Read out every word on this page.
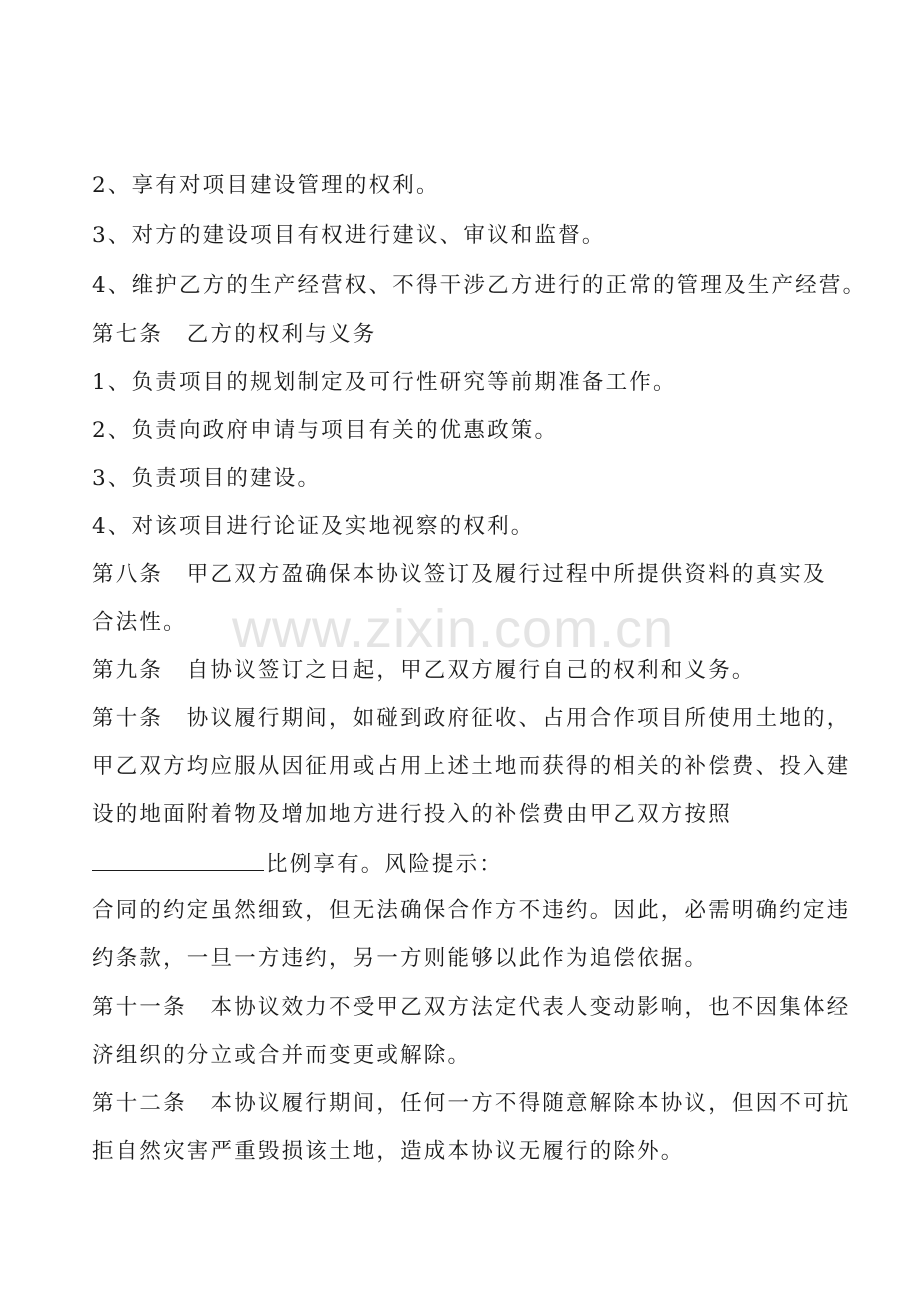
2、享有对项目建设管理的权利。
3、对方的建设项目有权进行建议、审议和监督。
4、维护乙方的生产经营权、不得干涉乙方进行的正常的管理及生产经营。
第七条　乙方的权利与义务
1、负责项目的规划制定及可行性研究等前期准备工作。
2、负责向政府申请与项目有关的优惠政策。
3、负责项目的建设。
4、对该项目进行论证及实地视察的权利。
第八条　甲乙双方盈确保本协议签订及履行过程中所提供资料的真实及
合法性。
第九条　自协议签订之日起，甲乙双方履行自己的权利和义务。
第十条　协议履行期间，如碰到政府征收、占用合作项目所使用土地的，
甲乙双方均应服从因征用或占用上述土地而获得的相关的补偿费、投入建
设的地面附着物及增加地方进行投入的补偿费由甲乙双方按照
比例享有。风险提示：
合同的约定虽然细致，但无法确保合作方不违约。因此，必需明确约定违
约条款，一旦一方违约，另一方则能够以此作为追偿依据。
第十一条　本协议效力不受甲乙双方法定代表人变动影响，也不因集体经
济组织的分立或合并而变更或解除。
第十二条　本协议履行期间，任何一方不得随意解除本协议，但因不可抗
拒自然灾害严重毁损该土地，造成本协议无履行的除外。
www.zixin.com.cn
